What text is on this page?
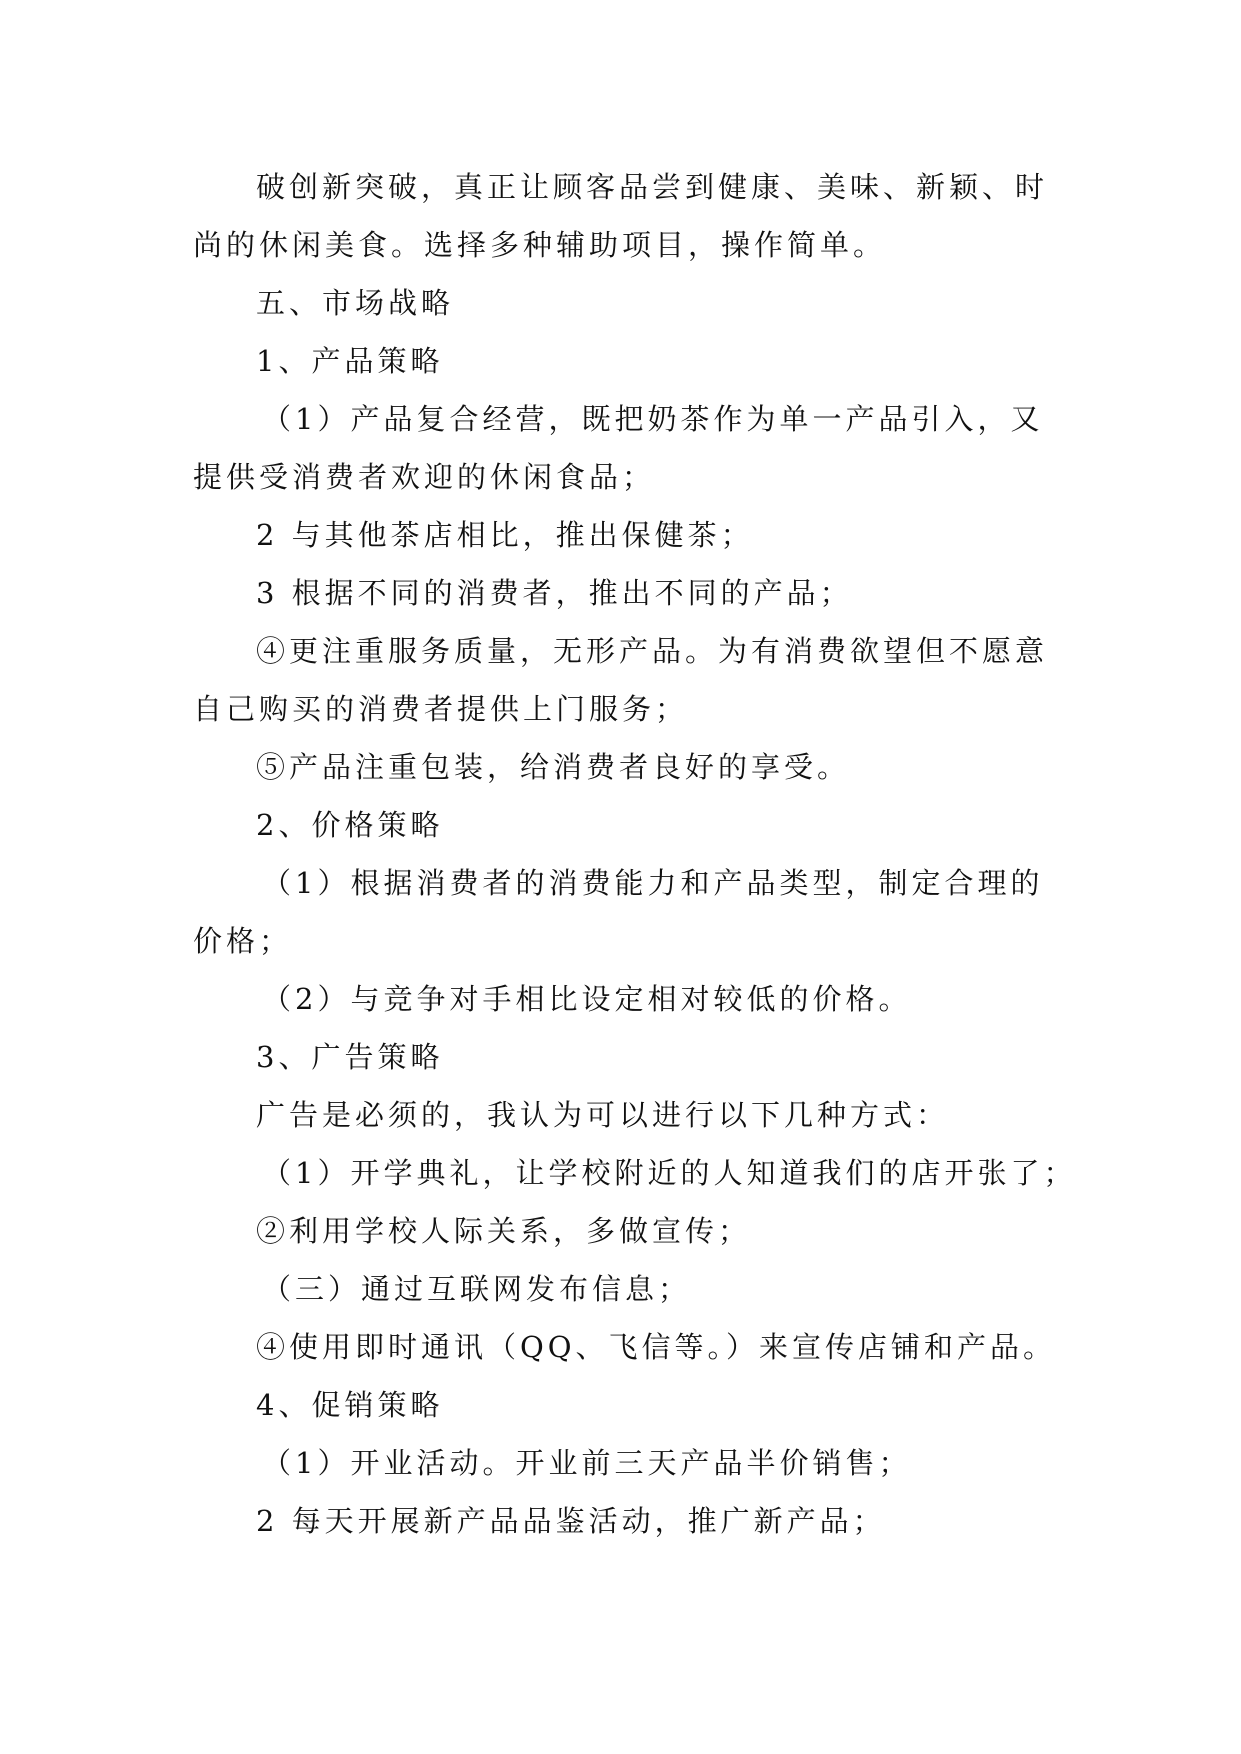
破创新突破，真正让顾客品尝到健康、美味、新颖、时
尚的休闲美食。选择多种辅助项目，操作简单。
五、市场战略
1、产品策略
（1）产品复合经营，既把奶茶作为单一产品引入，又
提供受消费者欢迎的休闲食品；
2 与其他茶店相比，推出保健茶；
3 根据不同的消费者，推出不同的产品；
④更注重服务质量，无形产品。为有消费欲望但不愿意
自己购买的消费者提供上门服务；
⑤产品注重包装，给消费者良好的享受。
2、价格策略
（1）根据消费者的消费能力和产品类型，制定合理的
价格；
（2）与竞争对手相比设定相对较低的价格。
3、广告策略
广告是必须的，我认为可以进行以下几种方式：
（1）开学典礼，让学校附近的人知道我们的店开张了；
②利用学校人际关系，多做宣传；
（三）通过互联网发布信息；
④使用即时通讯（QQ、飞信等。）来宣传店铺和产品。
4、促销策略
（1）开业活动。开业前三天产品半价销售；
2 每天开展新产品品鉴活动，推广新产品；
